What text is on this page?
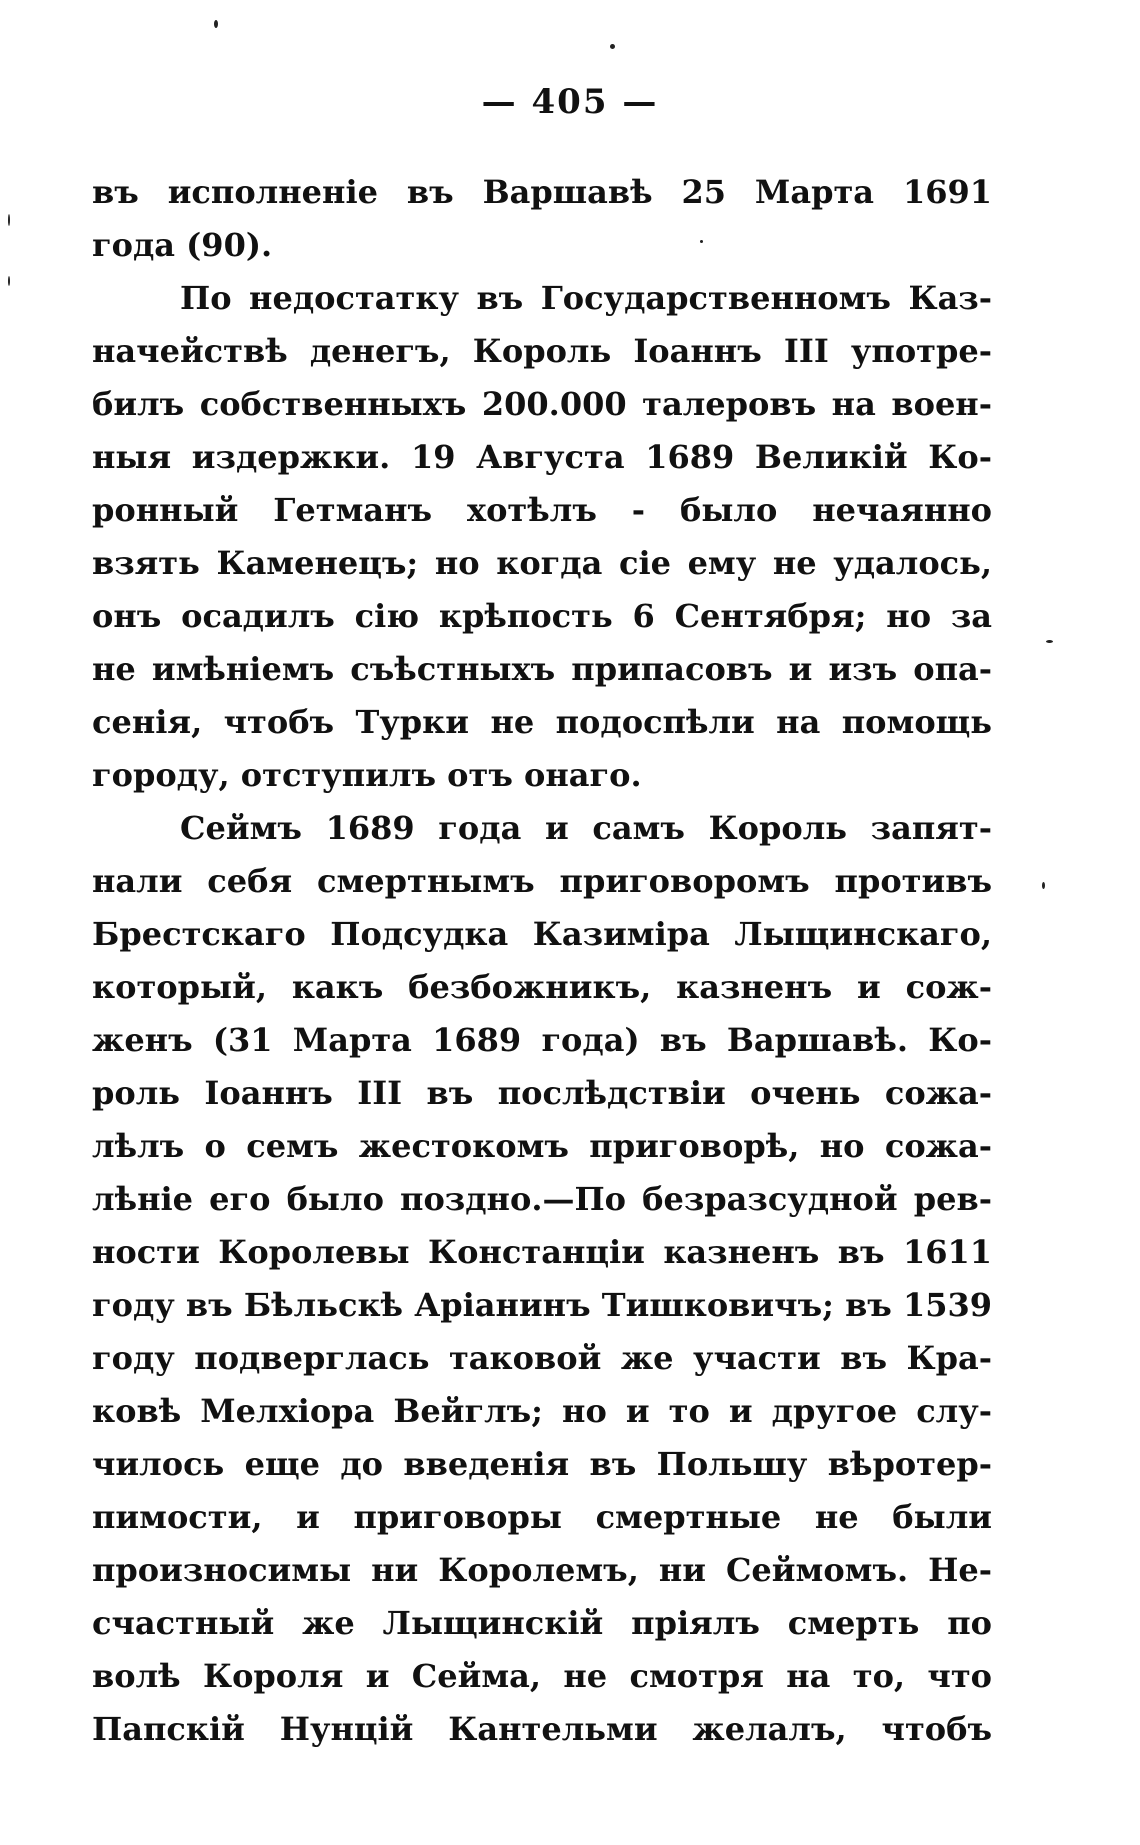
— 405 —
въ исполненіе въ Варшавѣ 25 Марта 1691
года (90).
По недостатку въ Государственномъ Каз-
начействѣ денегъ, Король Іоаннъ III употре-
билъ собственныхъ 200.000 талеровъ на воен-
ныя издержки. 19 Августа 1689 Великій Ко-
ронный Гетманъ хотѣлъ - было нечаянно
взять Каменецъ; но когда сіе ему не удалось,
онъ осадилъ сію крѣпость 6 Сентября; но за
не имѣніемъ съѣстныхъ припасовъ и изъ опа-
сенія, чтобъ Турки не подоспѣли на помощь
городу, отступилъ отъ онаго.
Сеймъ 1689 года и самъ Король запят-
нали себя смертнымъ приговоромъ противъ
Брестскаго Подсудка Казиміра Лыщинскаго,
который, какъ безбожникъ, казненъ и сож-
женъ (31 Марта 1689 года) въ Варшавѣ. Ко-
роль Іоаннъ III въ послѣдствіи очень сожа-
лѣлъ о семъ жестокомъ приговорѣ, но сожа-
лѣніе его было поздно.—По безразсудной рев-
ности Королевы Констанціи казненъ въ 1611
году въ Бѣльскѣ Аріанинъ Тишковичъ; въ 1539
году подверглась таковой же участи въ Кра-
ковѣ Мелхіора Вейглъ; но и то и другое слу-
чилось еще до введенія въ Польшу вѣротер-
пимости, и приговоры смертные не были
произносимы ни Королемъ, ни Сеймомъ. Не-
счастный же Лыщинскій пріялъ смерть по
волѣ Короля и Сейма, не смотря на то, что
Папскій Нунцій Кантельми желалъ, чтобъ
